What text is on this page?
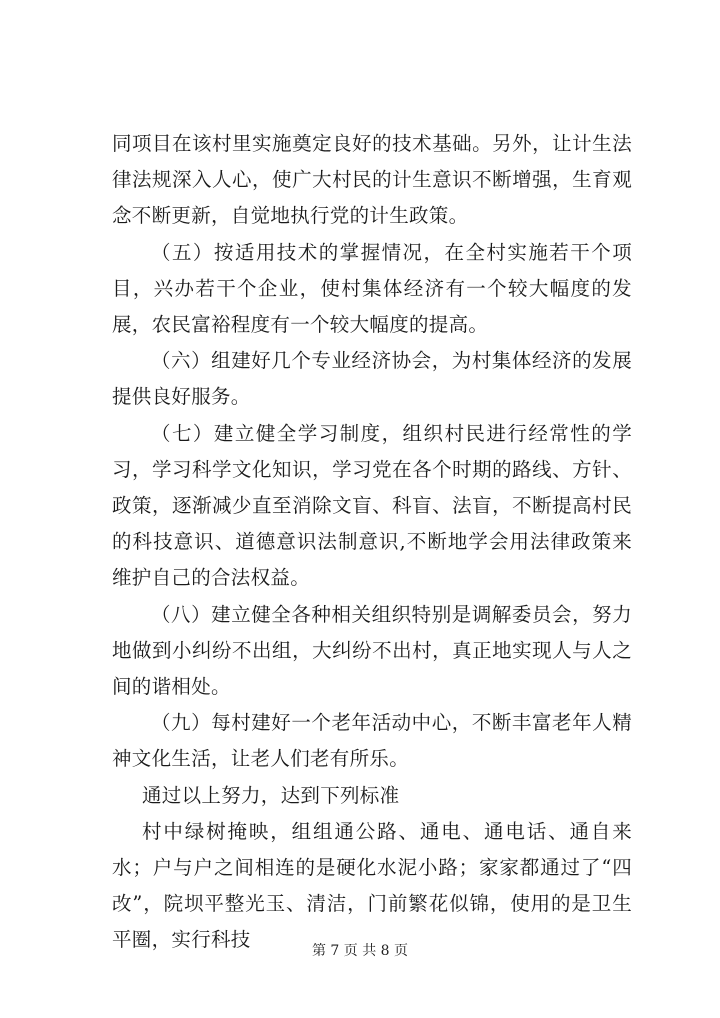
同项目在该村里实施奠定良好的技术基础。另外，让计生法律法规深入人心，使广大村民的计生意识不断增强，生育观念不断更新，自觉地执行党的计生政策。

（五）按适用技术的掌握情况，在全村实施若干个项目，兴办若干个企业，使村集体经济有一个较大幅度的发展，农民富裕程度有一个较大幅度的提高。

（六）组建好几个专业经济协会，为村集体经济的发展提供良好服务。

（七）建立健全学习制度，组织村民进行经常性的学习，学习科学文化知识，学习党在各个时期的路线、方针、政策，逐渐减少直至消除文盲、科盲、法盲，不断提高村民的科技意识、道德意识法制意识,不断地学会用法律政策来维护自己的合法权益。

（八）建立健全各种相关组织特别是调解委员会，努力地做到小纠纷不出组，大纠纷不出村，真正地实现人与人之间的谐相处。

（九）每村建好一个老年活动中心，不断丰富老年人精神文化生活，让老人们老有所乐。

通过以上努力，达到下列标准

村中绿树掩映，组组通公路、通电、通电话、通自来水；户与户之间相连的是硬化水泥小路；家家都通过了“四改”，院坝平整光玉、清洁，门前繁花似锦，使用的是卫生平圈，实行科技	第 7 页 共 8 页
